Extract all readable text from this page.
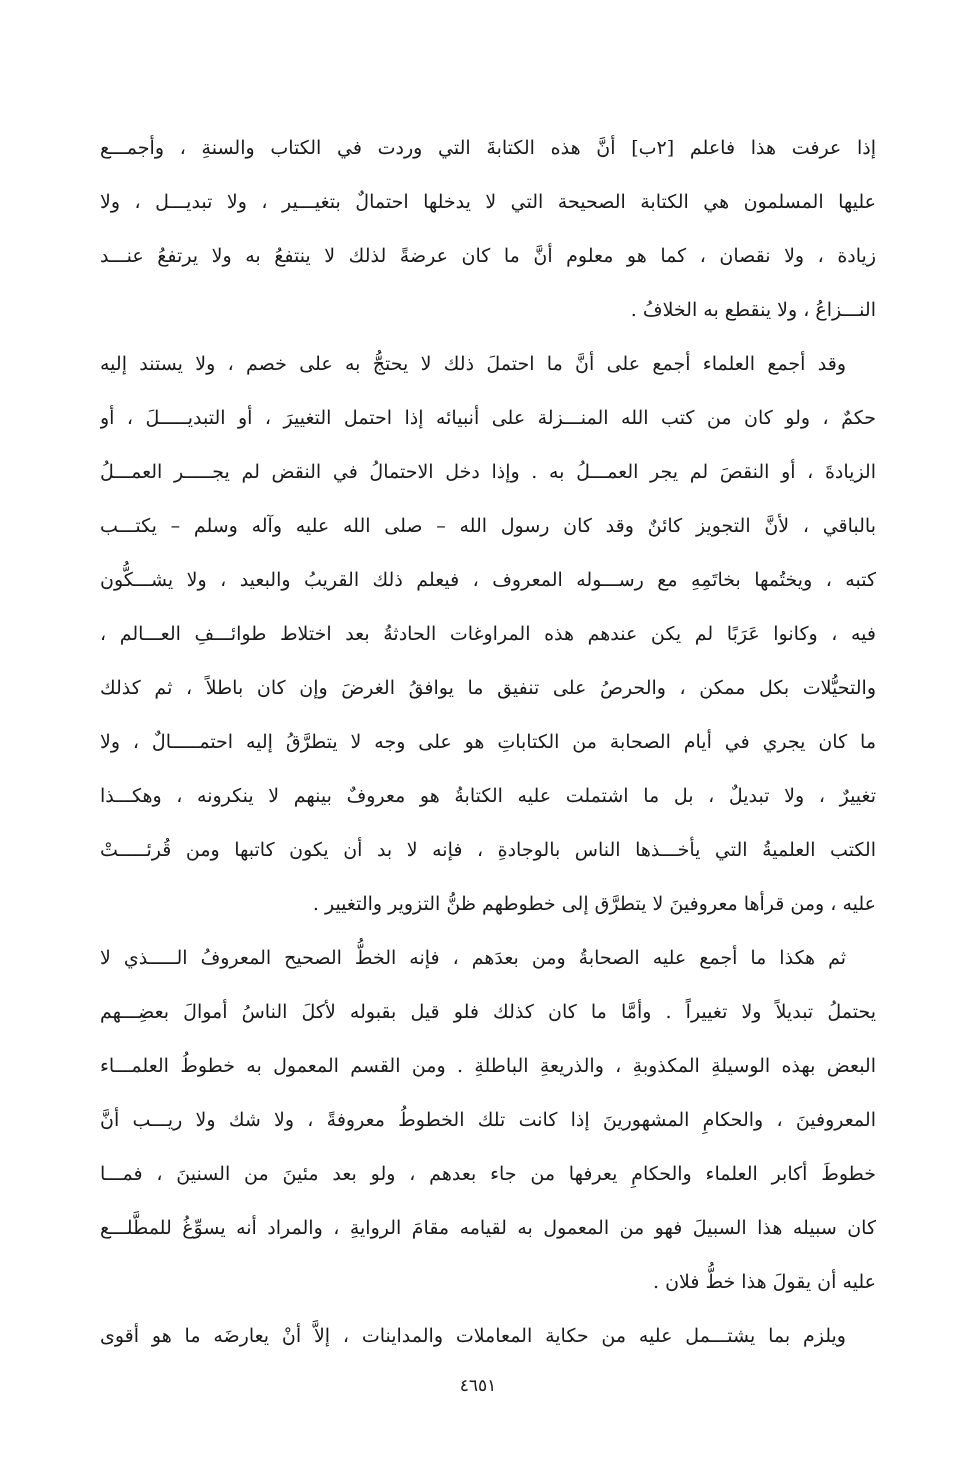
إذا عرفت هذا فاعلم [٢ب] أنَّ هذه الكتابةَ التي وردت في الكتاب والسنةِ ، وأجمـــع
عليها المسلمون هي الكتابة الصحيحة التي لا يدخلها احتمالٌ بتغيـــير ، ولا تبديـــل ، ولا
زيادة ، ولا نقصان ، كما هو معلوم أنَّ ما كان عرضةً لذلك لا ينتفعُ به ولا يرتفعُ عنـــد
النـــزاعُ ، ولا ينقطع به الخلافُ .
وقد أجمع العلماء أجمع على أنَّ ما احتملَ ذلك لا يحتجُّ به على خصم ، ولا يستند إليه
حكمٌ ، ولو كان من كتب الله المنـــزلة على أنبيائه إذا احتمل التغييرَ ، أو التبديـــــلَ ، أو
الزيادةَ ، أو النقصَ لم يجر العمـــلُ به . وإذا دخل الاحتمالُ في النقض لم يجـــــر العمـــلُ
بالباقي ، لأنَّ التجويز كائنٌ وقد كان رسول الله – صلى الله عليه وآله وسلم – يكتـــب
كتبه ، ويختُمها بخاتَمِهِ مع رســـوله المعروف ، فيعلم ذلك القريبُ والبعيد ، ولا يشـــكُّون
فيه ، وكانوا عَرَبًا لم يكن عندهم هذه المراوغات الحادثةُ بعد اختلاط طوائـــفِ العـــالم ،
والتحيُّلات بكل ممكن ، والحرصُ على تنفيق ما يوافقُ الغرضَ وإن كان باطلاً ، ثم كذلك
ما كان يجري في أيام الصحابة من الكتاباتِ هو على وجه لا يتطرَّقُ إليه احتمـــــالٌ ، ولا
تغييرٌ ، ولا تبديلٌ ، بل ما اشتملت عليه الكتابةُ هو معروفٌ بينهم لا ينكرونه ، وهكـــذا
الكتب العلميةُ التي يأخـــذها الناس بالوجادةِ ، فإنه لا بد أن يكون كاتبها ومن قُرئـــــتْ
عليه ، ومن قرأها معروفينَ لا يتطرَّق إلى خطوطهم ظنُّ التزوير والتغيير .
ثم هكذا ما أجمع عليه الصحابةُ ومن بعدَهم ، فإنه الخطُّ الصحيح المعروفُ الـــــذي لا
يحتملُ تبديلاً ولا تغييراً . وأمَّا ما كان كذلك فلو قيل بقبوله لأكلَ الناسُ أموالَ بعضِـــهم
البعض بهذه الوسيلةِ المكذوبةِ ، والذريعةِ الباطلةِ . ومن القسم المعمول به خطوطُ العلمـــاء
المعروفينَ ، والحكامِ المشهورينَ إذا كانت تلك الخطوطُ معروفةً ، ولا شك ولا ريـــب أنَّ
خطوطَ أكابر العلماء والحكامِ يعرفها من جاء بعدهم ، ولو بعد مئينَ من السنينَ ، فمـــا
كان سبيله هذا السبيلَ فهو من المعمول به لقيامه مقامَ الروايةِ ، والمراد أنه يسوِّغُ للمطَّلـــع
عليه أن يقولَ هذا خطُّ فلان .
ويلزم بما يشتـــمل عليه من حكاية المعاملات والمداينات ، إلاَّ أنْ يعارضَه ما هو أقوى
٤٦٥١
